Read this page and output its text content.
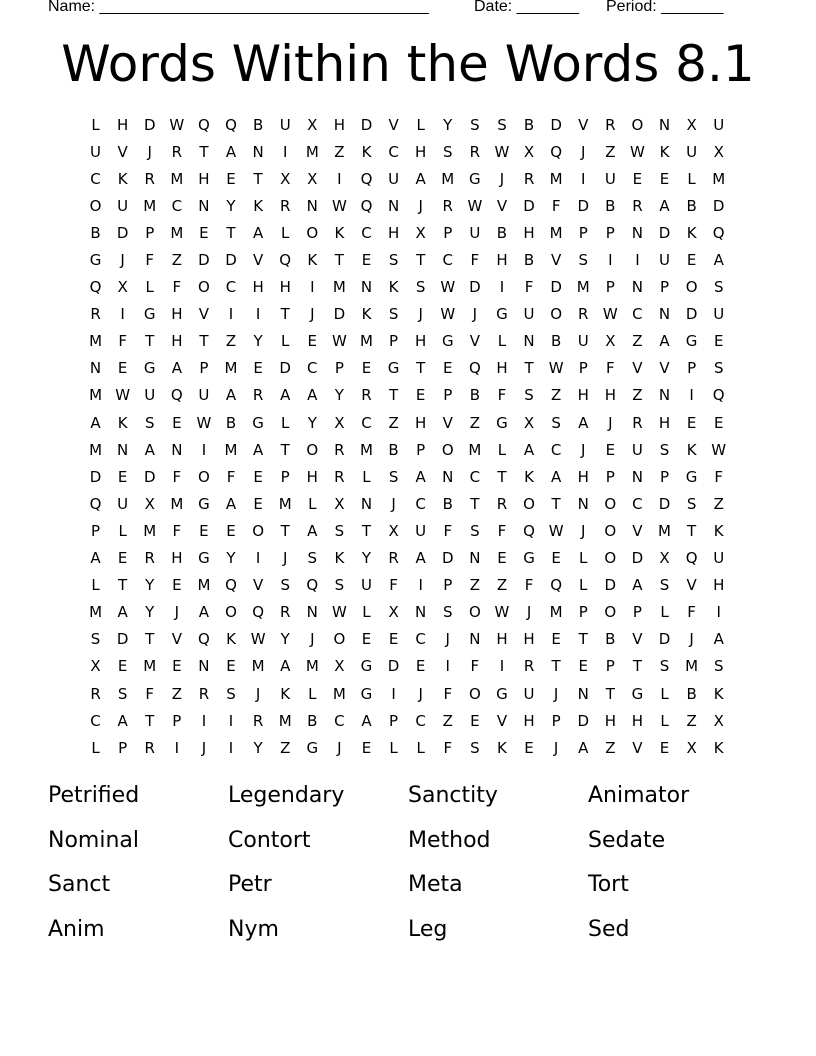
Name: _____________________________________	Date: _______ Period: _______
Words Within the Words 8.1
L	H	D W Q	Q	B	U	X	H	D	V	L	Y	S	S	B	D	V	R	O	N	X	U
U	V	J	R	T	A	N	I	M	Z	K	C	H	S	R W X	Q	J	Z W K	U	X
C	K	R	M H	E	T	X	X	I	Q	U	A	M G	J	R	M	I	U	E	E	L	M
O	U	M	C	N	Y	K	R	N W Q	N	J	R W V	D	F	D	B	R	A	B	D
B	D	P	M	E	T	A	L	O	K	C	H	X	P	U	B	H M	P	P	N	D	K	Q
G	J	F	Z	D	D	V	Q	K	T	E	S	T	C	F	H	B	V	S	I	I	U	E	A
Q	X	L	F	O	C	H	H	I	M	N	K	S W D	I	F	D M	P	N	P	O	S
R	I	G	H	V	I	I	T	J	D	K	S	J	W	J	G	U	O	R W C	N	D	U
M	F	T	H	T	Z	Y	L	E W M	P	H	G	V	L	N	B	U	X	Z	A	G	E
N	E	G	A	P	M	E	D	C	P	E	G	T	E	Q	H	T	W	P	F	V	V	P	S
M W U	Q	U	A	R	A	A	Y	R	T	E	P	B	F	S	Z	H	H	Z	N	I	Q
A	K	S	E W B	G	L	Y	X	C	Z	H	V	Z	G	X	S	A	J	R	H	E	E
M	N	A	N	I	M	A	T	O	R	M	B	P	O M	L	A	C	J	E	U	S	K W
D	E	D	F	O	F	E	P	H	R	L	S	A	N	C	T	K	A	H	P	N	P	G	F
Q	U	X	M G	A	E	M	L	X	N	J	C	B	T	R	O	T	N	O	C	D	S	Z
P	L	M	F	E	E	O	T	A	S	T	X	U	F	S	F	Q W	J	O	V	M	T	K
A	E	R	H	G	Y	I	J	S	K	Y	R	A	D	N	E	G	E	L	O	D	X	Q	U
L	T	Y	E	M Q	V	S	Q	S	U	F	I	P	Z	Z	F	Q	L	D	A	S	V	H
M	A	Y	J	A	O	Q	R	N W	L	X	N	S	O W	J	M	P	O	P	L	F	I
S	D	T	V	Q	K W	Y	J	O	E	E	C	J	N	H	H	E	T	B	V	D	J	A
X	E	M	E	N	E	M	A	M	X	G	D	E	I	F	I	R	T	E	P	T	S	M	S
R	S	F	Z	R	S	J	K	L	M G	I	J	F	O	G	U	J	N	T	G	L	B	K
C	A	T	P	I	I	R	M	B	C	A	P	C	Z	E	V	H	P	D	H	H	L	Z	X
L	P	R	I	J	I	Y	Z	G	J	E	L	L	F	S	K	E	J	A	Z	V	E	X	K
Petrified	Legendary	Sanctity	Animator
Nominal	Contort	Method	Sedate
Sanct	Petr	Meta	Tort
Anim	Nym	Leg	Sed
